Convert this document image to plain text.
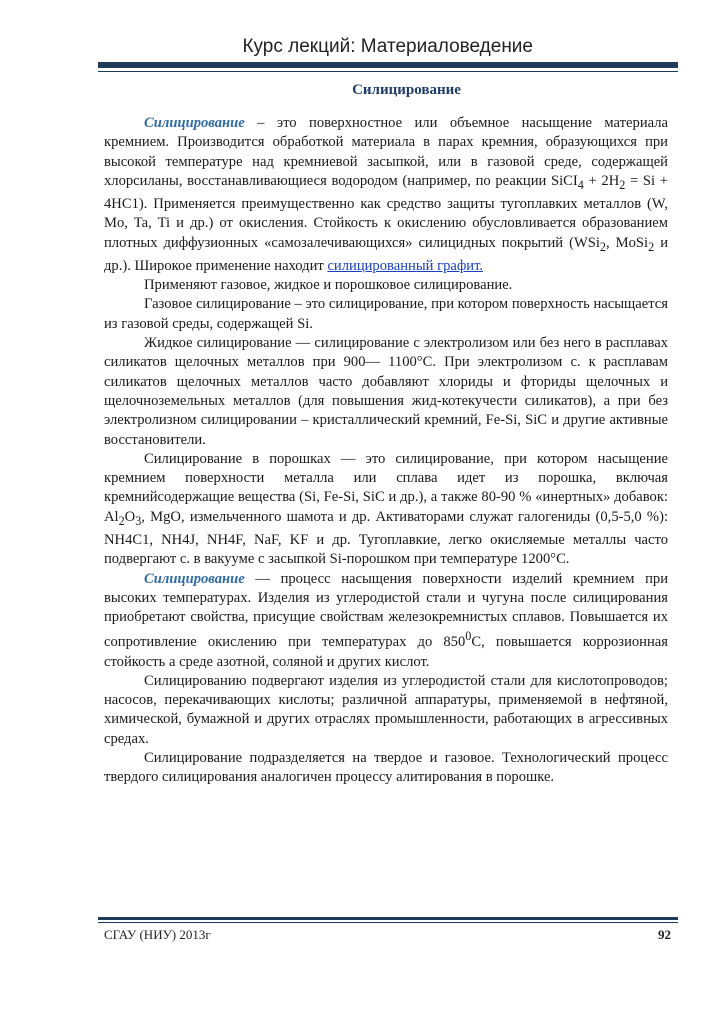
Курс лекций: Материаловедение
Силицирование

Силицирование – это поверхностное или объемное насыщение материала кремнием. Производится обработкой материала в парах кремния, образующихся при высокой температуре над кремниевой засыпкой, или в газовой среде, содержащей хлорсиланы, восстанавливающиеся водородом (например, по реакции SiCI$_4$ + $2H_2 = Si + 4HC1$). Применяется преимущественно как средство защиты тугоплавких металлов (W, Mo, Ta, Ti и др.) от окисления. Стойкость к окислению обусловливается образованием плотных диффузионных «самозалечивающихся» силицидных покрытий (WSi$_2$, MoSi$_2$ и др.). Широкое применение находит силицированный графит.

Применяют газовое, жидкое и порошковое силицирование.

Газовое силицирование – это силицирование, при котором поверхность насыщается из газовой среды, содержащей Si.

Жидкое силицирование — силицирование с электролизом или без него в расплавах силикатов щелочных металлов при 900— 1100°С. При электролизом с. к расплавам силикатов щелочных металлов часто добавляют хлориды и фториды щелочных и щелочноземельных металлов (для повышения жид-котекучести силикатов), а при без электролизном силицировании – кристаллический кремний, Fe-Si, SiC и другие активные восстановители.

Силицирование в порошках — это силицирование, при котором насыщение кремнием поверхности металла или сплава идет из порошка, включая кремнийсодержащие вещества (Si, Fe-Si, SiC и др.), а также 80-90 % «инертных» добавок: $Al_2O_3$, MgO, измельченного шамота и др. Активаторами служат галогениды (0,5-5,0 %): NH4C1, NH4J, NH4F, NaF, KF и др. Тугоплавкие, легко окисляемые металлы часто подвергают с. в вакууме с засыпкой Si-порошком при температуре 1200°С.

Силицирование — процесс насыщения поверхности изделий кремнием при высоких температурах. Изделия из углеродистой стали и чугуна после силицирования приобретают свойства, присущие свойствам железокремнистых сплавов. Повышается их сопротивление окислению при температурах до $850^0С$, повышается коррозионная стойкость а среде азотной, соляной и других кислот.

Силицированию подвергают изделия из углеродистой стали для кислотопроводов; насосов, перекачивающих кислоты; различной аппаратуры, применяемой в нефтяной, химической, бумажной и других отраслях промышленности, работающих в агрессивных средах.

Силицирование подразделяется на твердое и газовое. Технологический процесс твердого силицирования аналогичен процессу алитирования в порошке.

СГАУ (НИУ) 2013г	92
